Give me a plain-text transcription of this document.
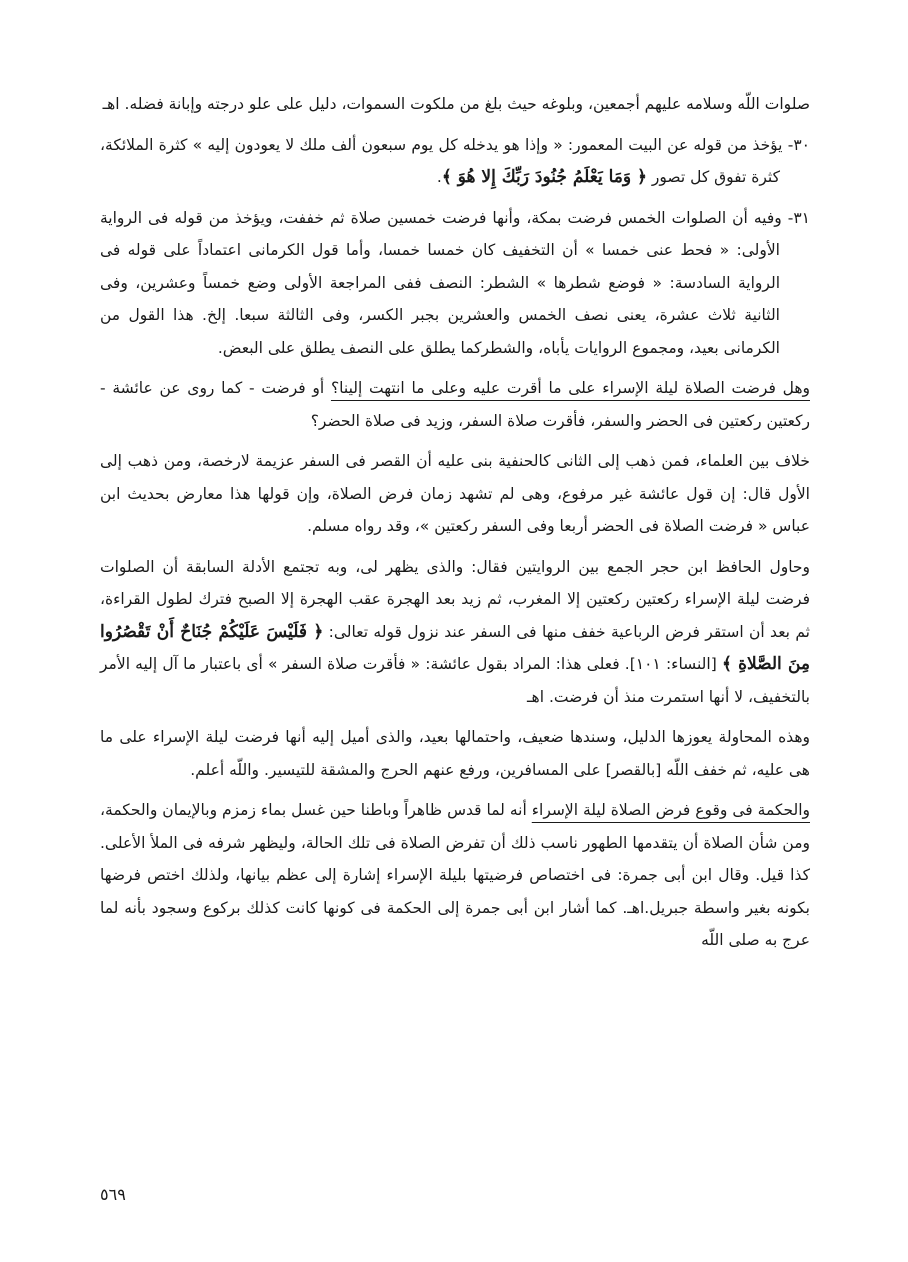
صلوات اللّه وسلامه عليهم أجمعين، وبلوغه حيث بلغ من ملكوت السموات، دليل على علو درجته وإبانة فضله. اهـ

٣٠- يؤخذ من قوله عن البيت المعمور: « وإذا هو يدخله كل يوم سبعون ألف ملك لا يعودون إليه » كثرة الملائكة، كثرة تفوق كل تصور ﴿ وَمَا يَعْلَمُ جُنُودَ رَبِّكَ إِلا هُوَ ﴾.

٣١- وفيه أن الصلوات الخمس فرضت بمكة، وأنها فرضت خمسين صلاة ثم خففت، ويؤخذ من قوله فى الرواية الأولى: « فحط عنى خمسا » أن التخفيف كان خمسا خمسا، وأما قول الكرمانى اعتماداً على قوله فى الرواية السادسة: « فوضع شطرها » الشطر: النصف ففى المراجعة الأولى وضع خمساً وعشرين، وفى الثانية ثلاث عشرة، يعنى نصف الخمس والعشرين بجبر الكسر، وفى الثالثة سبعا. إلخ. هذا القول من الكرمانى بعيد، ومجموع الروايات يأباه، والشطركما يطلق على النصف يطلق على البعض.

وهل فرضت الصلاة ليلة الإسراء على ما أقرت عليه وعلى ما انتهت إلينا؟ أو فرضت - كما روى عن عائشة - ركعتين ركعتين فى الحضر والسفر، فأقرت صلاة السفر، وزيد فى صلاة الحضر؟

خلاف بين العلماء، فمن ذهب إلى الثانى كالحنفية بنى عليه أن القصر فى السفر عزيمة لارخصة، ومن ذهب إلى الأول قال: إن قول عائشة غير مرفوع، وهى لم تشهد زمان فرض الصلاة، وإن قولها هذا معارض بحديث ابن عباس « فرضت الصلاة فى الحضر أربعا وفى السفر ركعتين »، وقد رواه مسلم.

وحاول الحافظ ابن حجر الجمع بين الروايتين فقال: والذى يظهر لى، وبه تجتمع الأدلة السابقة أن الصلوات فرضت ليلة الإسراء ركعتين ركعتين إلا المغرب، ثم زيد بعد الهجرة عقب الهجرة إلا الصبح فترك لطول القراءة، ثم بعد أن استقر فرض الرباعية خفف منها فى السفر عند نزول قوله تعالى: ﴿ فَلَيْسَ عَلَيْكُمْ جُنَاحٌ أَنْ تَقْصُرُوا مِنَ الصَّلاةِ ﴾ [النساء: ١٠١]. فعلى هذا: المراد بقول عائشة: « فأقرت صلاة السفر » أى باعتبار ما آل إليه الأمر بالتخفيف، لا أنها استمرت منذ أن فرضت. اهـ

وهذه المحاولة يعوزها الدليل، وسندها ضعيف، واحتمالها بعيد، والذى أميل إليه أنها فرضت ليلة الإسراء على ما هى عليه، ثم خفف اللّه [بالقصر] على المسافرين، ورفع عنهم الحرج والمشقة للتيسير. واللّه أعلم.

والحكمة فى وقوع فرض الصلاة ليلة الإسراء أنه لما قدس ظاهراً وباطنا حين غسل بماء زمزم وبالإيمان والحكمة، ومن شأن الصلاة أن يتقدمها الطهور ناسب ذلك أن تفرض الصلاة فى تلك الحالة، وليظهر شرفه فى الملأ الأعلى. كذا قيل. وقال ابن أبى جمرة: فى اختصاص فرضيتها بليلة الإسراء إشارة إلى عظم بيانها، ولذلك اختص فرضها بكونه بغير واسطة جبريل.اهـ. كما أشار ابن أبى جمرة إلى الحكمة فى كونها كانت كذلك بركوع وسجود بأنه لما عرج به صلى اللّه

٥٦٩
